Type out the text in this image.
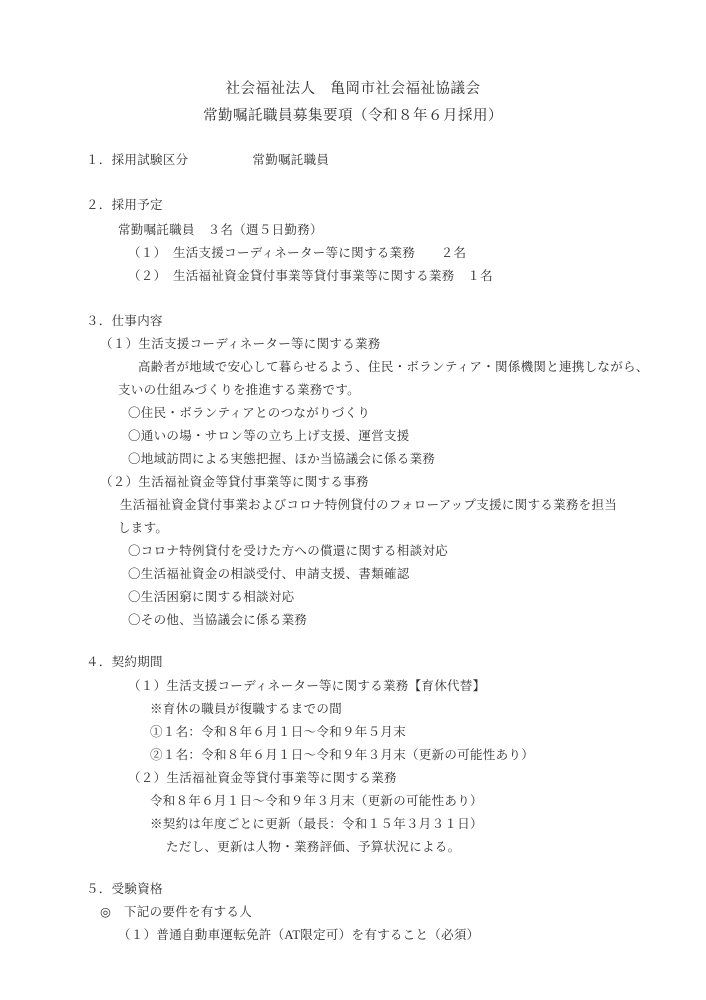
社会福祉法人　亀岡市社会福祉協議会
常勤嘱託職員募集要項（令和８年６月採用）
１．採用試験区分　　　　　常勤嘱託職員
２．採用予定
常勤嘱託職員　３名（週５日勤務）
（１）　生活支援コーディネーター等に関する業務　　２名
（２）　生活福祉資金貸付事業等貸付事業等に関する業務　１名
３．仕事内容
（１）生活支援コーディネーター等に関する業務
高齢者が地域で安心して暮らせるよう、住民・ボランティア・関係機関と連携しながら、
支いの仕組みづくりを推進する業務です。
〇住民・ボランティアとのつながりづくり
〇通いの場・サロン等の立ち上げ支援、運営支援
〇地域訪問による実態把握、ほか当協議会に係る業務
（２）生活福祉資金等貸付事業等に関する事務
生活福祉資金貸付事業およびコロナ特例貸付のフォローアップ支援に関する業務を担当
します。
〇コロナ特例貸付を受けた方への償還に関する相談対応
〇生活福祉資金の相談受付、申請支援、書類確認
〇生活困窮に関する相談対応
〇その他、当協議会に係る業務
４．契約期間
（１）生活支援コーディネーター等に関する業務【育休代替】
※育休の職員が復職するまでの間
①１名：令和８年６月１日～令和９年５月末
②１名：令和８年６月１日～令和９年３月末（更新の可能性あり）
（２）生活福祉資金等貸付事業等に関する業務
令和８年６月１日～令和９年３月末（更新の可能性あり）
※契約は年度ごとに更新（最長：令和１５年３月３１日）
ただし、更新は人物・業務評価、予算状況による。
５．受験資格
◎　下記の要件を有する人
（１）普通自動車運転免許（AT限定可）を有すること（必須）
